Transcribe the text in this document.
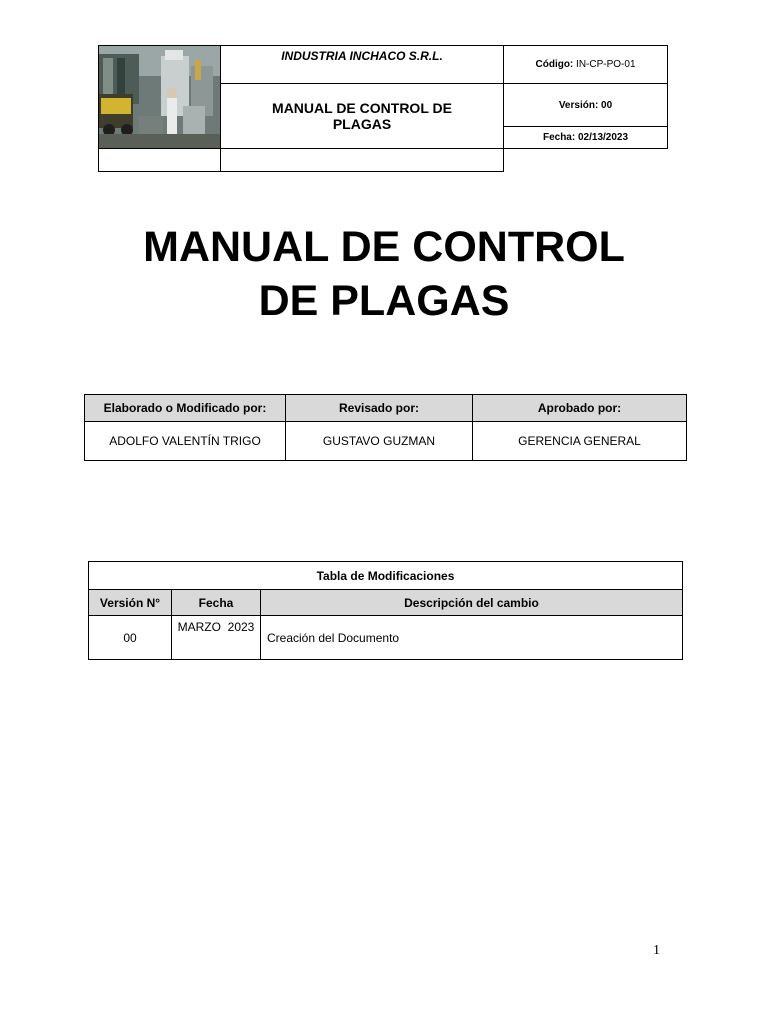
	INDUSTRIA INCHACO S.R.L.	Código: IN-CP-PO-01
	MANUAL DE CONTROL DE PLAGAS	Versión: 00
		Fecha: 02/13/2023

MANUAL DE CONTROL
DE PLAGAS
Elaborado o Modificado por:	Revisado por:	Aprobado por:
ADOLFO VALENTÍN TRIGO	GUSTAVO GUZMAN	GERENCIA GENERAL
Tabla de Modificaciones		
Versión N°	Fecha	Descripción del cambio
00	MARZO  2023	Creación del Documento
1
